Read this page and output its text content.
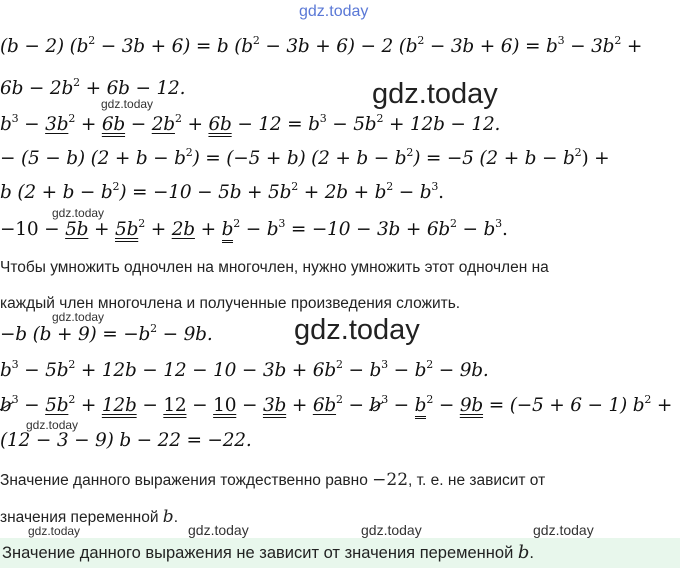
gdz.today
(b − 2) $(b^2 - 3b + 6) = b$ $(b^2 - 3b + 6) - 2$ $(b^2 - 3b + 6) = b^3 - 3b^2$ +
$6b - 2b^2 + 6b - 12$.
gdz.today	gdz.today
$b^3 - 3b^2 + 6b - 2b^2 + 6b - 12 = b^3 - 5b^2 + 12b - 12$.
− (5 − b) $(2 + b - b^2) = (-5 + b)$ $(2 + b - b^2) = -5$ $(2 + b - b^2)$ +
b $(2 + b - b^2) = -10 - 5b + 5b^2 + 2b + b^2 - b^3$.
gdz.today
$-10 - 5b + 5b^2 + 2b + b^2 - b^3 = -10 - 3b + 6b^2 - b^3$.
Чтобы умножить одночлен на многочлен, нужно умножить этот одночлен на
каждый член многочлена и полученные произведения сложить.
gdz.today	gdz.today
−b $(b + 9) = -b^2 - 9b$.
$b^3 - 5b^2 + 12b - 12 - 10 - 3b + 6b^2 - b^3 - b^2 - 9b$.
$b^3 - 5b^2 + 12b - 12 - 10 - 3b + 6b^2 - b^3 - b^2 - 9b = (-5 + 6 - 1) b^2$ +
gdz.today
(12 − 3 − 9) b − 22 = −22.
Значение данного выражения тождественно равно −22, т. е. не зависит от
значения переменной b.
gdz.today	gdz.today	gdz.today	gdz.today
Значение данного выражения не зависит от значения переменной b.
